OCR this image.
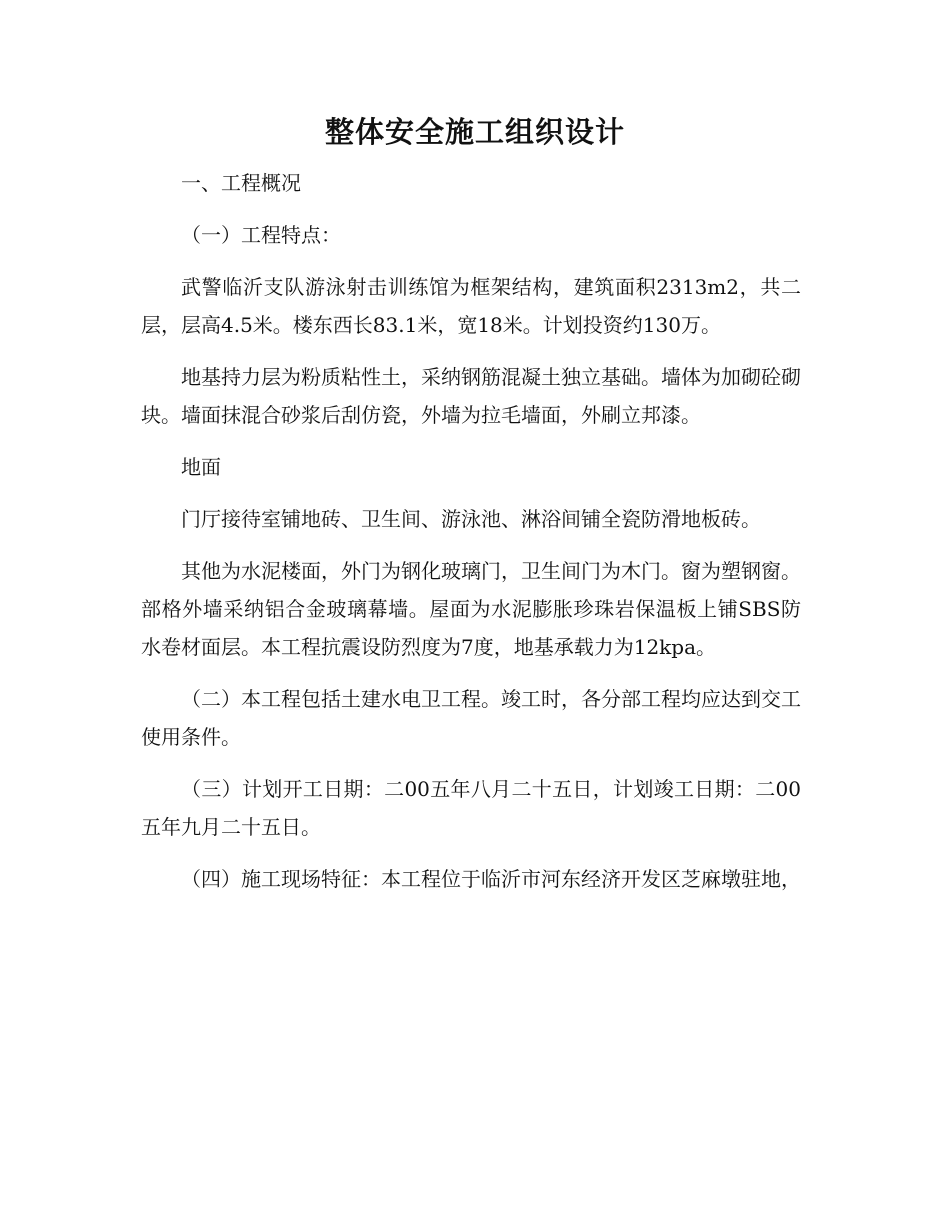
整体安全施工组织设计

一、工程概况

（一）工程特点：

武警临沂支队游泳射击训练馆为框架结构，建筑面积2313m2，共二层，层高4.5米。楼东西长83.1米，宽18米。计划投资约130万。

地基持力层为粉质粘性土，采纳钢筋混凝土独立基础。墙体为加砌砼砌块。墙面抹混合砂浆后刮仿瓷，外墙为拉毛墙面，外刷立邦漆。

地面

门厅接待室铺地砖、卫生间、游泳池、淋浴间铺全瓷防滑地板砖。

其他为水泥楼面，外门为钢化玻璃门，卫生间门为木门。窗为塑钢窗。部格外墙采纳铝合金玻璃幕墙。屋面为水泥膨胀珍珠岩保温板上铺SBS防水卷材面层。本工程抗震设防烈度为7度，地基承载力为12kpa。

（二）本工程包括土建水电卫工程。竣工时，各分部工程均应达到交工使用条件。

（三）计划开工日期：二00五年八月二十五日，计划竣工日期：二00五年九月二十五日。

（四）施工现场特征：本工程位于临沂市河东经济开发区芝麻墩驻地，
